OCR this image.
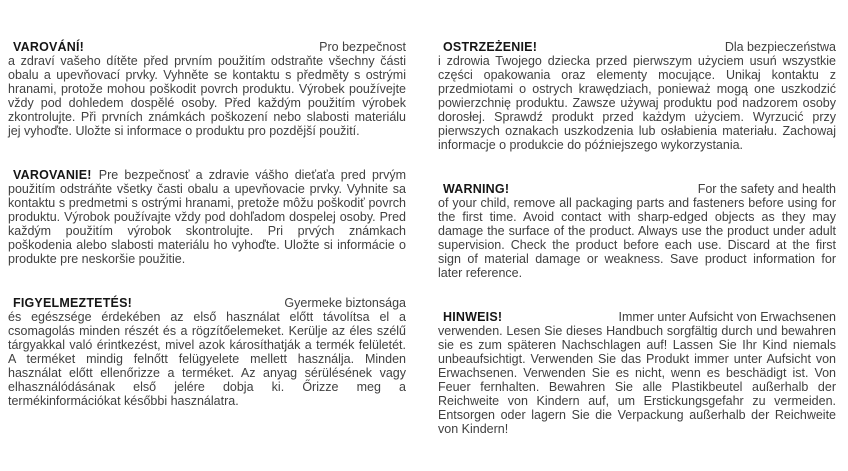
VAROVÁNÍ!	Pro bezpečnost
a zdraví vašeho dítěte před prvním použitím odstraňte všechny části obalu a upevňovací prvky. Vyhněte se kontaktu s předměty s ostrými hranami, protože mohou poškodit povrch produktu. Výrobek používejte vždy pod dohledem dospělé osoby. Před každým použitím výrobek zkontrolujte. Při prvních známkách poškození nebo slabosti materiálu jej vyhoďte. Uložte si informace o produktu pro pozdější použití.
VAROVANIE! Pre bezpečnosť a zdravie vášho dieťaťa pred prvým použitím odstráňte všetky časti obalu a upevňovacie prvky. Vyhnite sa kontaktu s predmetmi s ostrými hranami, pretože môžu poškodiť povrch produktu. Výrobok používajte vždy pod dohľadom dospelej osoby. Pred každým použitím výrobok skontrolujte. Pri prvých známkach poškodenia alebo slabosti materiálu ho vyhoďte. Uložte si informácie o produkte pre neskoršie použitie.
FIGYELMEZTETÉS!	Gyermeke biztonsága
és egészsége érdekében az első használat előtt távolítsa el a csomagolás minden részét és a rögzítőelemeket. Kerülje az éles szélű tárgyakkal való érintkezést, mivel azok károsíthatják a termék felületét. A terméket mindig felnőtt felügyelete mellett használja. Minden használat előtt ellenőrizze a terméket. Az anyag sérülésének vagy elhasználódásának első jelére dobja ki. Őrizze meg a termékinformációkat későbbi használatra.
OSTRZEŻENIE!	Dla bezpieczeństwa
i zdrowia Twojego dziecka przed pierwszym użyciem usuń wszystkie części opakowania oraz elementy mocujące. Unikaj kontaktu z przedmiotami o ostrych krawędziach, ponieważ mogą one uszkodzić powierzchnię produktu. Zawsze używaj produktu pod nadzorem osoby dorosłej. Sprawdź produkt przed każdym użyciem. Wyrzucić przy pierwszych oznakach uszkodzenia lub osłabienia materiału. Zachowaj informacje o produkcie do późniejszego wykorzystania.
WARNING!	For the safety and health
of your child, remove all packaging parts and fasteners before using for the first time. Avoid contact with sharp-edged objects as they may damage the surface of the product. Always use the product under adult supervision. Check the product before each use. Discard at the first sign of material damage or weakness. Save product information for later reference.
HINWEIS!	Immer unter Aufsicht von Erwachsenen
verwenden. Lesen Sie dieses Handbuch sorgfältig durch und bewahren sie es zum späteren Nachschlagen auf! Lassen Sie Ihr Kind niemals unbeaufsichtigt. Verwenden Sie das Produkt immer unter Aufsicht von Erwachsenen. Verwenden Sie es nicht, wenn es beschädigt ist. Von Feuer fernhalten. Bewahren Sie alle Plastikbeutel außerhalb der Reichweite von Kindern auf, um Erstickungsgefahr zu vermeiden. Entsorgen oder lagern Sie die Verpackung außerhalb der Reichweite von Kindern!
